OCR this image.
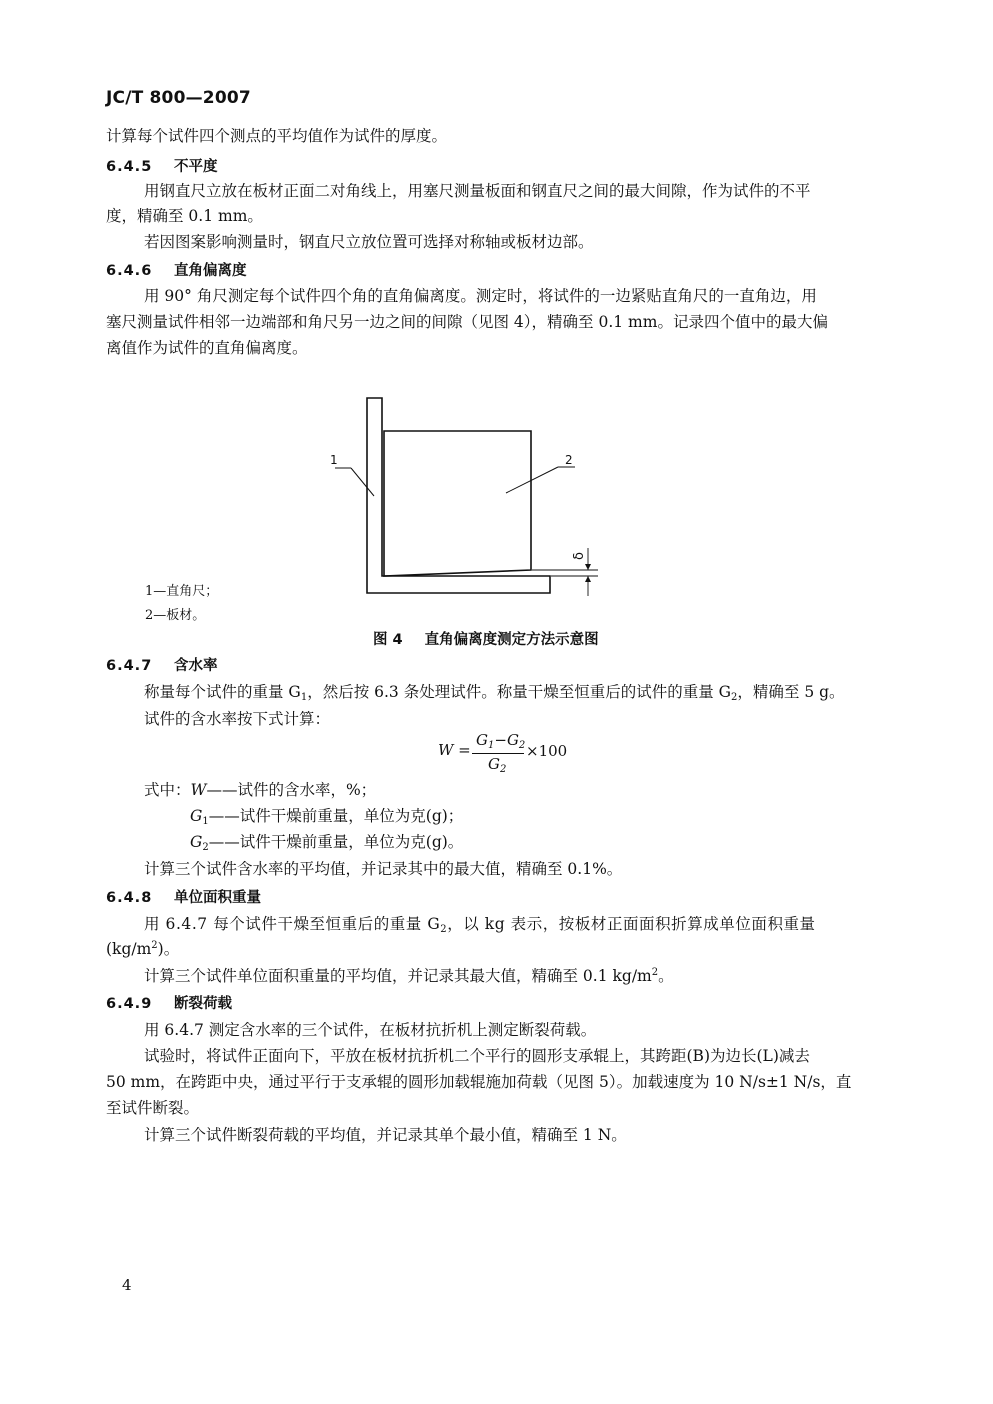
JC/T 800—2007
计算每个试件四个测点的平均值作为试件的厚度。
6.4.5 不平度
用钢直尺立放在板材正面二对角线上，用塞尺测量板面和钢直尺之间的最大间隙，作为试件的不平
度，精确至 0.1 mm。
若因图案影响测量时，钢直尺立放位置可选择对称轴或板材边部。
6.4.6 直角偏离度
用 90° 角尺测定每个试件四个角的直角偏离度。测定时，将试件的一边紧贴直角尺的一直角边，用
塞尺测量试件相邻一边端部和角尺另一边之间的间隙（见图 4），精确至 0.1 mm。记录四个值中的最大偏
离值作为试件的直角偏离度。
1	2
δ
1—直角尺；
2—板材。
图 4 直角偏离度测定方法示意图
6.4.7 含水率
称量每个试件的重量 $G_1$，然后按 6.3 条处理试件。称量干燥至恒重后的试件的重量 $G_2$，精确至 5 g。
试件的含水率按下式计算：
W =
$G_1-G_2$
$G_2$
×100
式中：W——试件的含水率，%；
$G_1——$试件干燥前重量，单位为克(g)；
$G_2——$试件干燥前重量，单位为克(g)。
计算三个试件含水率的平均值，并记录其中的最大值，精确至 0.1%。
6.4.8 单位面积重量
用 6.4.7 每个试件干燥至恒重后的重量 $G_2$，以 kg 表示，按板材正面面积折算成单位面积重量
$(kg/m^2)$。
计算三个试件单位面积重量的平均值，并记录其最大值，精确至 0.1 $kg/m^2$。
6.4.9 断裂荷载
用 6.4.7 测定含水率的三个试件，在板材抗折机上测定断裂荷载。
试验时，将试件正面向下，平放在板材抗折机二个平行的圆形支承辊上，其跨距(B)为边长(L)减去
50 mm，在跨距中央，通过平行于支承辊的圆形加载辊施加荷载（见图 5）。加载速度为 10 N/s±1 N/s，直
至试件断裂。
计算三个试件断裂荷载的平均值，并记录其单个最小值，精确至 1 N。
4
